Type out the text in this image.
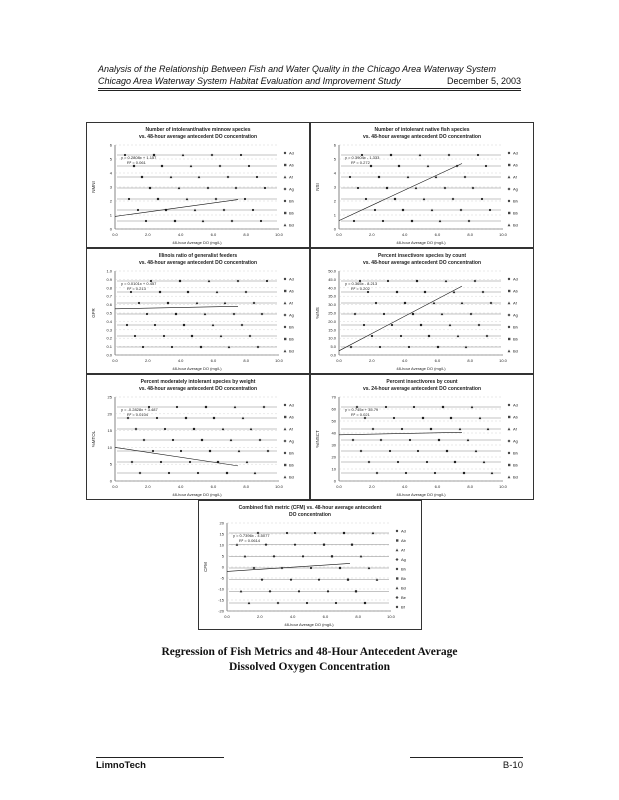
Analysis of the Relationship Between Fish and Water Quality in the Chicago Area Waterway System
Chicago Area Waterway System Habitat Evaluation and Improvement Study	December 5, 2003
Number of intolerant/native minnow species
vs. 48-hour average antecedent DO concentration
0
1
2
3
4
5
6
0.0	2.0	4.0	6.0	8.0	10.0
48-hour Average DO (mg/L)
NMNI
Ad
Ab
Af
Ag
Bh
Bb
Bd
y = 0.2808x + 1.157
R² = 0.061
Number of intolerant native fish species
vs. 48-hour average antecedent DO concentration
0
1
2
3
4
5
6
0.0	2.0	4.0	6.0	8.0	10.0
48-hour Average DO (mg/L)
NSI
Ad
Ab
Af
Ag
Bh
Bb
Bd
y = 0.3904x - 1.333
R² = 0.272
Illinois ratio of generalist feeders
vs. 48-hour average antecedent DO concentration
0.0
0.1
0.2
0.3
0.4
0.5
0.6
0.7
0.8
0.9
1.0
0.0	2.0	4.0	6.0	8.0	10.0
48-hour Average DO (mg/L)
GFR
Ad
Ab
Af
Ag
Bh
Bb
Bd
y = 0.0101x + 0.457
R² = 0.213
Percent insectivore species by count
vs. 48-hour average antecedent DO concentration
0.0
5.0
10.0
15.0
20.0
25.0
30.0
35.0
40.0
45.0
50.0
0.0	2.0	4.0	6.0	8.0	10.0
48-hour Average DO (mg/L)
%INS
Ad
Ab
Af
Ag
Bh
Bb
Bd
y = 0.365x - 8.213
R² = 0.202
Percent moderately intolerant species by weight
vs. 48-hour average antecedent DO concentration
0
5
10
15
20
25
0.0	2.0	4.0	6.0	8.0	10.0
48-hour Average DO (mg/L)
%MTOL
Ad
Ab
Af
Ag
Bh
Bb
Bd
y = -0.2828x + 3.487
R² = 0.0104
Percent insectivores by count
vs. 24-hour average antecedent DO concentration
0
10
20
30
40
50
60
70
0.0	2.0	4.0	6.0	8.0	10.0
48-hour Average DO (mg/L)
%INSCT
Ad
Ab
Af
Ag
Bh
Bb
Bd
y = 0.745x + 35.79
R² = 0.021
Combined fish metric (CFM) vs. 48-hour average antecedent
DO concentration
-20
-15
-10
-5
0
5
10
15
20
0.0	2.0	4.0	6.0	8.0	10.0
48-hour Average DO (mg/L)
CFM
Ad
Ab
Af
Ag
Bh
Bb
Bd
Be
Bf
y = 0.7396x - 4.5077
R² = 0.0614
Regression of Fish Metrics and 48-Hour Antecedent Average
Dissolved Oxygen Concentration
LimnoTech	B-10
